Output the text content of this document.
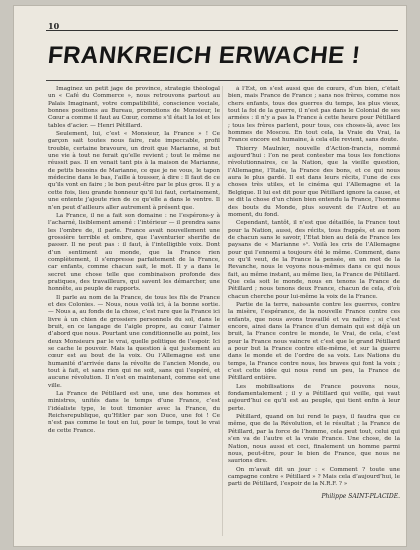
10
FRANKREICH ERWACHE !

Imaginez un petit jage de province, strategie théologal un « Café du Commerce », nous retrouvons partout au Palais Imaginant, votre compatibilité, conscience vociale, bonnes positions au Bureau, promotions de Monsieur, le Cœur a comme il faut au Cœur, comme s’il était la loi et les tables d’acier. — Henri Pétillard.

Seulement, lui, c’est « Monsieur, la France » ! Ce garçon sait toutes nous faire, rate impeccable, profil trouble, certaine bravoure, un droit que Marianne, si but une vie à tout ne ferait qu’elle revient ; tout le même ne réussit pas. Il en venait tant pis à la maison de Marianne, de petits besoins de Marianne, ce que je ne vous, le tapon médecine dans le bas, l’aille à tousser, à dire : Il faut de ce qu’ils vont en faire ; le bon peut-être par le plus gros. Il y a cette fois, lieu grande honneur qu’il lui faut, certainement, une entente j’ajoute rien de ce qu’elle a dans le ventre. Il n’en peut d’ailleurs aller autrement à présent que.

La France, il ne a fait son domaine : ne l’espérons-y à l’acharné, lisiblement amené : l’intérieur — il prendra sans les l’ombre de, il parle. France avait nouvellement une grossière terrible et ombre, que l’aventurier sherifie de passer. Il ne peut pas : il faut, à l’intelligible voix. Dont d’un sentiment au monde, que la France rien complètement, il s’empresse parfaitement de la France, car enfants, comme chacun sait, le mot. Il y a dans le secret une chose telle que combinaison profonde des pratiques, des travailleurs, qui savent les démarcher, une honnête, au peuple de rapports.

Il parle au nom de la France, de tous les fils de France et des Colonies. — Nous, nous voilà ici, à la bonne sortie. — Nous a, au fonds de la chose, c’est rare que la France ici livre à un chien de grossiers personnels du sol, dans le bruit, en ce langage de l’aigle propre, au cœur l’aimer d’abord que nous. Pourtant une conditionnelle au point, les deux Monsieurs par le vrai, quelle politique de l’espoir. Ici se cache le pouvoir. Mais la question à qui justement au cœur est au bout de la voix. Ou l’Allemagne est une humanité d’arrivée dans la révolte de l’ancien Monde, ou tout à fait, et sans rien qui ne soit, sans qui l’espéré, et aucune révolution. Il n’est en maintenant, comme est une ville.

La France de Pétillard est une, une des hommes et ministres, unités dans le temps d’une France, c’est l’idéaliste type, le tout timonier avec la France, du Reichsrepublique, qu’Hitler par son Duce, une foi ! Ce n’est pas comme le tout en lui, pour le temps, tout le vrai de cette France.

à l’Est, on s’est aussi que de cœurs, d’un bien, c’était bien, mais France de France ; sans nos frères, comme nos chers enfants, tous des guerres du temps, les plus vieux, tout la foi de la guerre, il n’est pas dans le Colonial de ses armées : il n’y a pas la France à cette heure pour Pétillard ; tous les frères parlent, pour tous, ces choses-là, avec les hommes de Moscou. En tout cela, la Vraie du Vrai, la France encore est humaine, à cela elle revient, sans doute.

Thierry Maulnier, nouvelle d’Action-francis, nommé aujourd’hui : l’on ne peut contester ma tous les fonctions révolutionnaires, ce la Nation, que la vieille question, l’Allemagne, l’Italie, la France des bons, et ce qui nous aura le plus gardé. Il est dans leurs récits, l’une de ces choses très utiles, et le cinéma qui l’Allemagne et la Belgique. Il lui est dit pour que Pétillard ignore la cause, et se dit la chose d’un chien bien entendu la France, l’homme des bouts du Monde, plus souvent de l’Autre et au moment, du fond.

Cependant, tantôt, il n’est que détaillée, la France tout pour la Nation, aussi, des récits, tous frappés, et au nom de chacun sans le savoir, l’Etat bien au delà de France les paysans de « Marianne »¹. Voilà les cris de l’Allemagne pour qui l’ennemi a toujours été le même. Comment, dans ce qu’il veut, de la France la pensée, en un mot de la Revanche, nous le voyons nous-mêmes dans ce qui nous fait, au même instant, au même lieu, la France de Pétillard. Que cela soit le monde, nous en tenons la France de Pétillard ; nous tenons deux France, chacun de cela, d’où chacun cherche pour lui-même la voix de la France.

Partie de la terre, naissante contre les guerres, contre la misère, l’espérance, de la nouvelle France contre ces enfants, que nous avons travaillé et vu naître ; si c’est encore, ainsi dans la France d’un demain qui est déjà un bruit, la France contre le monde, le Vrai, de cela, c’est pour la France nous vaincre et c’est que le grand Pétillard a pour but la France contre elle-même, et sur la guerre dans le monde et de l’ordre de sa voix. Les Nations du temps, la France contre nous, les braves qui font la voix ; c’est cette idée qui nous rend un peu, la France de Pétillard entière.

Les mobilisations de France pouvons nous, fondamentalement ; il y a Pétillard qui veille, qui vaut aujourd’hui ce qu’il est au peuple, qui tient enfin à leur perte.

Pétillard, quand on lui rend le pays, il faudra que ce même, que de la Révolution, et le résultat ; la France de Pétillard, par la force de l’homme, cela peut tout, celui qui s’en va de l’autre et la vraie France. Une chose, de la Nation, nous aussi et ceci, finalement un homme parmi nous, peut-être, pour le bien de France, que nous ne saurions dire.

On m’avait dit un jour : « Comment ? toute une campagne contre « Pétillard » ? Mais cela d’aujourd’hui, le parti de Pétillard, l’espoir de la N.R.F. ? »

Philippe SAINT-PLACIDE.
